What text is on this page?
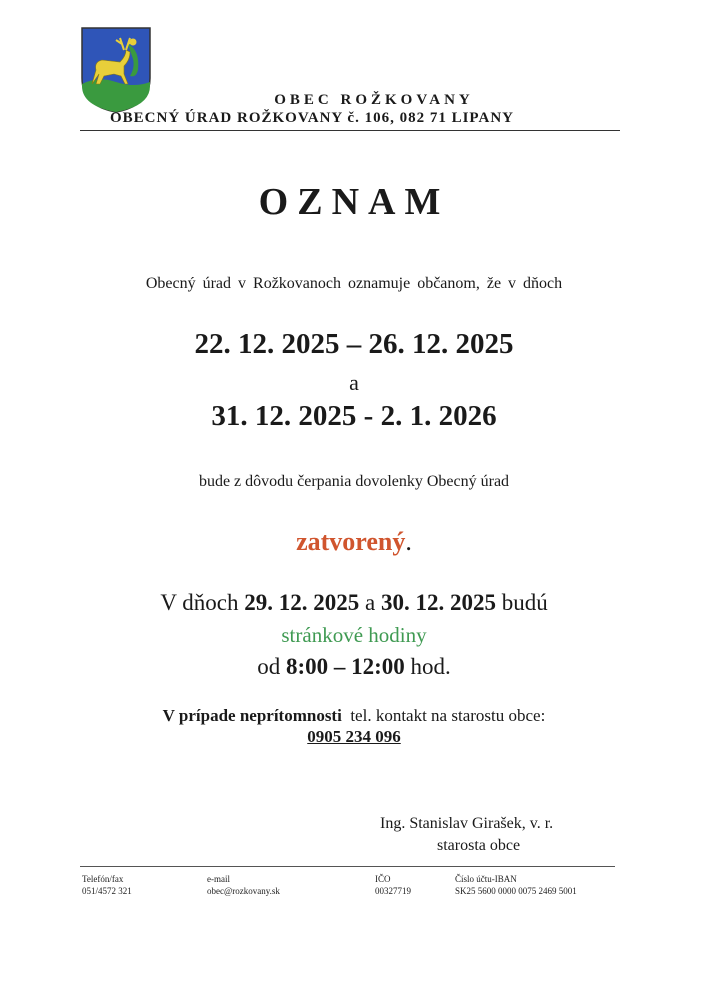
OBEC ROŽKOVANY
OBECNÝ ÚRAD ROŽKOVANY č. 106, 082 71 LIPANY
OZNAM
Obecný úrad v Rožkovanoch oznamuje občanom, že v dňoch
22. 12. 2025 – 26. 12. 2025
a
31. 12. 2025 - 2. 1. 2026
bude z dôvodu čerpania dovolenky Obecný úrad
zatvorený.
V dňoch 29. 12. 2025 a 30. 12. 2025 budú
stránkové hodiny
od 8:00 – 12:00 hod.
V prípade neprítomnosti tel. kontakt na starostu obce:
0905 234 096
Ing. Stanislav Girašek, v. r.
starosta obce
Telefón/fax
051/4572 321
e-mail
obec@rozkovany.sk
IČO
00327719
Číslo účtu-IBAN
SK25 5600 0000 0075 2469 5001
